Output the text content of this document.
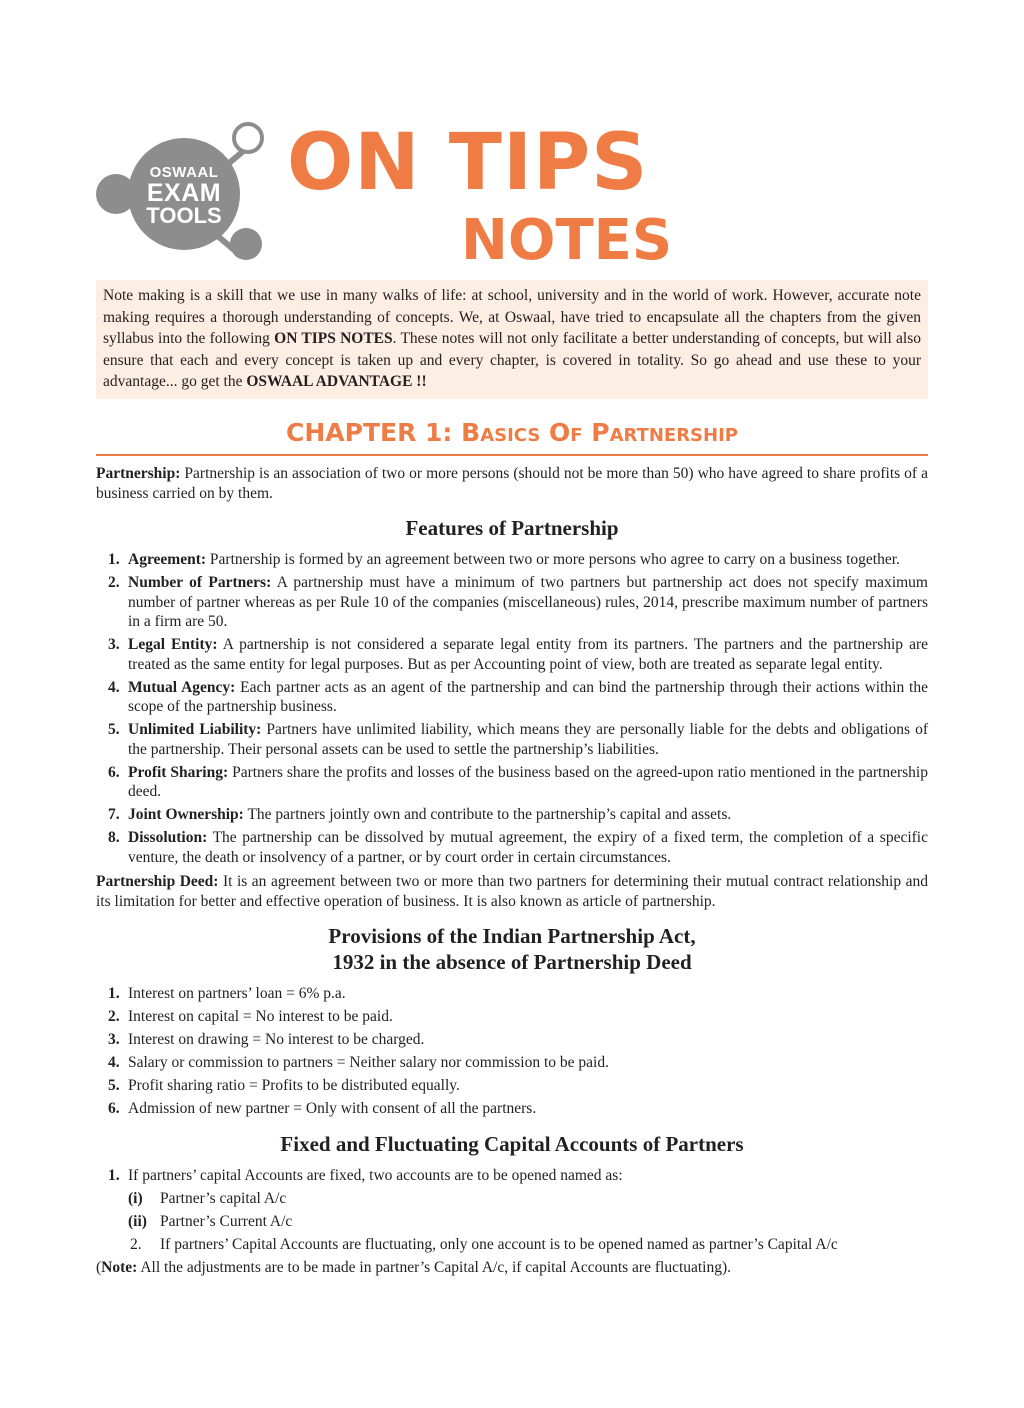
OSWAAL
EXAM
TOOLS
ON TIPS
NOTES
Note making is a skill that we use in many walks of life: at school, university and in the world of work. However, accurate note making requires a thorough understanding of concepts. We, at Oswaal, have tried to encapsulate all the chapters from the given syllabus into the following ON TIPS NOTES. These notes will not only facilitate a better understanding of concepts, but will also ensure that each and every concept is taken up and every chapter, is covered in totality. So go ahead and use these to your advantage... go get the OSWAAL ADVANTAGE !!
CHAPTER 1: Basics Of Partnership

Partnership: Partnership is an association of two or more persons (should not be more than 50) who have agreed to share profits of a business carried on by them.

Features of Partnership
1. Agreement: Partnership is formed by an agreement between two or more persons who agree to carry on a business together.
2. Number of Partners: A partnership must have a minimum of two partners but partnership act does not specify maximum number of partner whereas as per Rule 10 of the companies (miscellaneous) rules, 2014, prescribe maximum number of partners in a firm are 50.
3. Legal Entity: A partnership is not considered a separate legal entity from its partners. The partners and the partnership are treated as the same entity for legal purposes. But as per Accounting point of view, both are treated as separate legal entity.
4. Mutual Agency: Each partner acts as an agent of the partnership and can bind the partnership through their actions within the scope of the partnership business.
5. Unlimited Liability: Partners have unlimited liability, which means they are personally liable for the debts and obligations of the partnership. Their personal assets can be used to settle the partnership’s liabilities.
6. Profit Sharing: Partners share the profits and losses of the business based on the agreed-upon ratio mentioned in the partnership deed.
7. Joint Ownership: The partners jointly own and contribute to the partnership’s capital and assets.
8. Dissolution: The partnership can be dissolved by mutual agreement, the expiry of a fixed term, the completion of a specific venture, the death or insolvency of a partner, or by court order in certain circumstances.

Partnership Deed: It is an agreement between two or more than two partners for determining their mutual contract relationship and its limitation for better and effective operation of business. It is also known as article of partnership.

Provisions of the Indian Partnership Act,
1932 in the absence of Partnership Deed
1. Interest on partners’ loan = 6% p.a.
2. Interest on capital = No interest to be paid.
3. Interest on drawing = No interest to be charged.
4. Salary or commission to partners = Neither salary nor commission to be paid.
5. Profit sharing ratio = Profits to be distributed equally.
6. Admission of new partner = Only with consent of all the partners.
Fixed and Fluctuating Capital Accounts of Partners
1. If partners’ capital Accounts are fixed, two accounts are to be opened named as:
(i) Partner’s capital A/c
(ii) Partner’s Current A/c
2. If partners’ Capital Accounts are fluctuating, only one account is to be opened named as partner’s Capital A/c

(Note: All the adjustments are to be made in partner’s Capital A/c, if capital Accounts are fluctuating).
